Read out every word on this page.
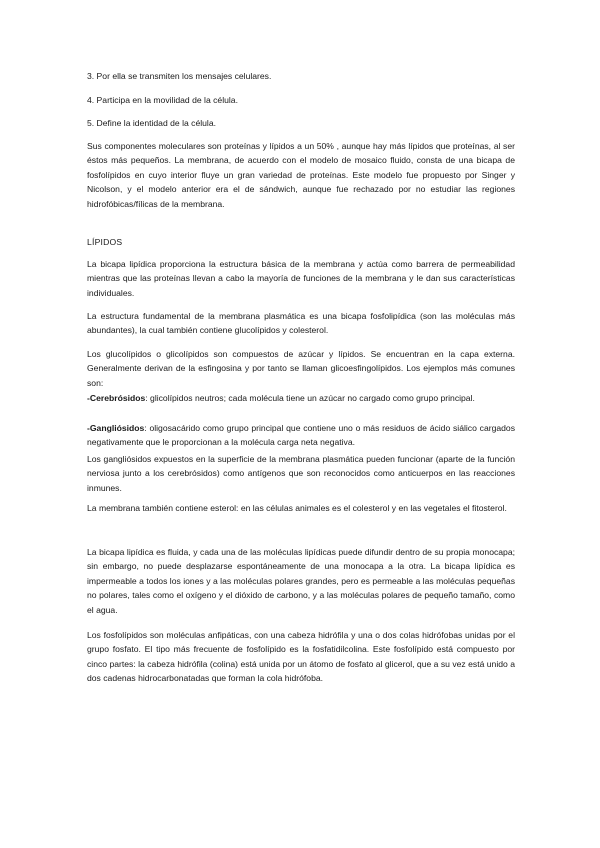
3. Por ella se transmiten los mensajes celulares.

4. Participa en la movilidad de la célula.

5. Define la identidad de la célula.

Sus componentes moleculares son proteínas y lípidos a un 50% , aunque hay más lípidos que proteínas, al ser éstos más pequeños. La membrana, de acuerdo con el modelo de mosaico fluido, consta de una bicapa de fosfolípidos en cuyo interior fluye un gran variedad de proteínas. Este modelo fue propuesto por Singer y Nicolson, y el modelo anterior era el de sándwich, aunque fue rechazado por no estudiar las regiones hidrofóbicas/fílicas de la membrana.

LÍPIDOS

La bicapa lipídica proporciona la estructura básica de la membrana y actúa como barrera de permeabilidad mientras que las proteínas llevan a cabo la mayoría de funciones de la membrana y le dan sus características individuales.

La estructura fundamental de la membrana plasmática es una bicapa fosfolipídica (son las moléculas más abundantes), la cual también contiene glucolípidos y colesterol.

Los glucolípidos o glicolípidos son compuestos de azúcar y lípidos. Se encuentran en la capa externa. Generalmente derivan de la esfingosina y por tanto se llaman glicoesfingolípidos. Los ejemplos más comunes son:

-Cerebrósidos: glicolípidos neutros; cada molécula tiene un azúcar no cargado como grupo principal.

-Gangliósidos: oligosacárido como grupo principal que contiene uno o más residuos de ácido siálico cargados negativamente que le proporcionan a la molécula carga neta negativa.

Los gangliósidos expuestos en la superficie de la membrana plasmática pueden funcionar (aparte de la función nerviosa junto a los cerebrósidos) como antígenos que son reconocidos como anticuerpos en las reacciones inmunes.

La membrana también contiene esterol: en las células animales es el colesterol y en las vegetales el fitosterol.

La bicapa lipídica es fluida, y cada una de las moléculas lipídicas puede difundir dentro de su propia monocapa; sin embargo, no puede desplazarse espontáneamente de una monocapa a la otra. La bicapa lipídica es impermeable a todos los iones y a las moléculas polares grandes, pero es permeable a las moléculas pequeñas no polares, tales como el oxígeno y el dióxido de carbono, y a las moléculas polares de pequeño tamaño, como el agua.

Los fosfolípidos son moléculas anfipáticas, con una cabeza hidrófila y una o dos colas hidrófobas unidas por el grupo fosfato. El tipo más frecuente de fosfolípido es la fosfatidilcolina. Este fosfolípido está compuesto por cinco partes: la cabeza hidrófila (colina) está unida por un átomo de fosfato al glicerol, que a su vez está unido a dos cadenas hidrocarbonatadas que forman la cola hidrófoba.
